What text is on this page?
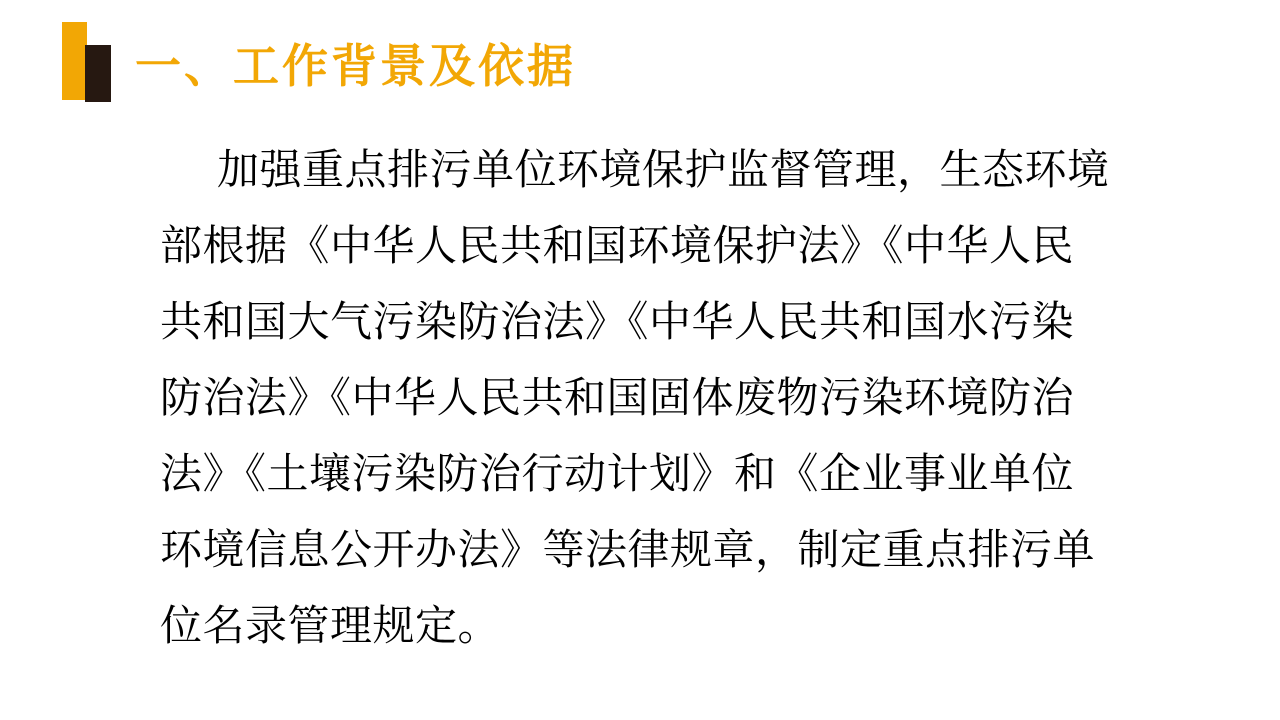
一、工作背景及依据
加强重点排污单位环境保护监督管理，生态环境
部根据《中华人民共和国环境保护法》《中华人民
共和国大气污染防治法》《中华人民共和国水污染
防治法》《中华人民共和国固体废物污染环境防治
法》《土壤污染防治行动计划》和《企业事业单位
环境信息公开办法》等法律规章，制定重点排污单
位名录管理规定。
